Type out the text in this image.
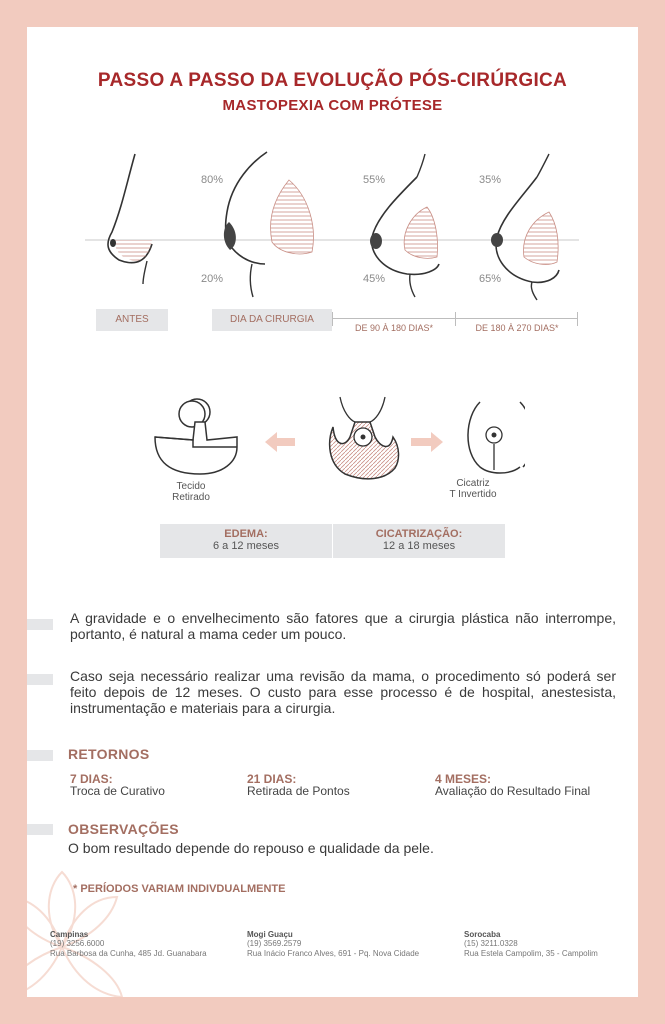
PASSO A PASSO DA EVOLUÇÃO PÓS-CIRÚRGICA
MASTOPEXIA COM PRÓTESE
80%
20%
55%
45%
35%
65%
ANTES	DIA DA CIRURGIA
DE 90 À 180 DIAS*	DE 180 À 270 DIAS*
Tecido
Retirado
Cicatriz
T Invertido
EDEMA:
6 a 12 meses
CICATRIZAÇÃO:
12 a 18 meses
A gravidade e o envelhecimento são fatores que a cirurgia plástica não interrompe, portanto, é natural a mama ceder um pouco.
Caso seja necessário realizar uma revisão da mama, o procedimento só poderá ser feito depois de 12 meses. O custo para esse processo é de hospital, anestesista, instrumentação e materiais para a cirurgia.
RETORNOS
7 DIAS:
Troca de Curativo
21 DIAS:
Retirada de Pontos
4 MESES:
Avaliação do Resultado Final
OBSERVAÇÕES
O bom resultado depende do repouso e qualidade da pele.
* PERÍODOS VARIAM INDIVDUALMENTE
Campinas
(19) 3256.6000
Rua Barbosa da Cunha, 485 Jd. Guanabara
Mogi Guaçu
(19) 3569.2579
Rua Inácio Franco Alves, 691 - Pq. Nova Cidade
Sorocaba
(15) 3211.0328
Rua Estela Campolim, 35 - Campolim
